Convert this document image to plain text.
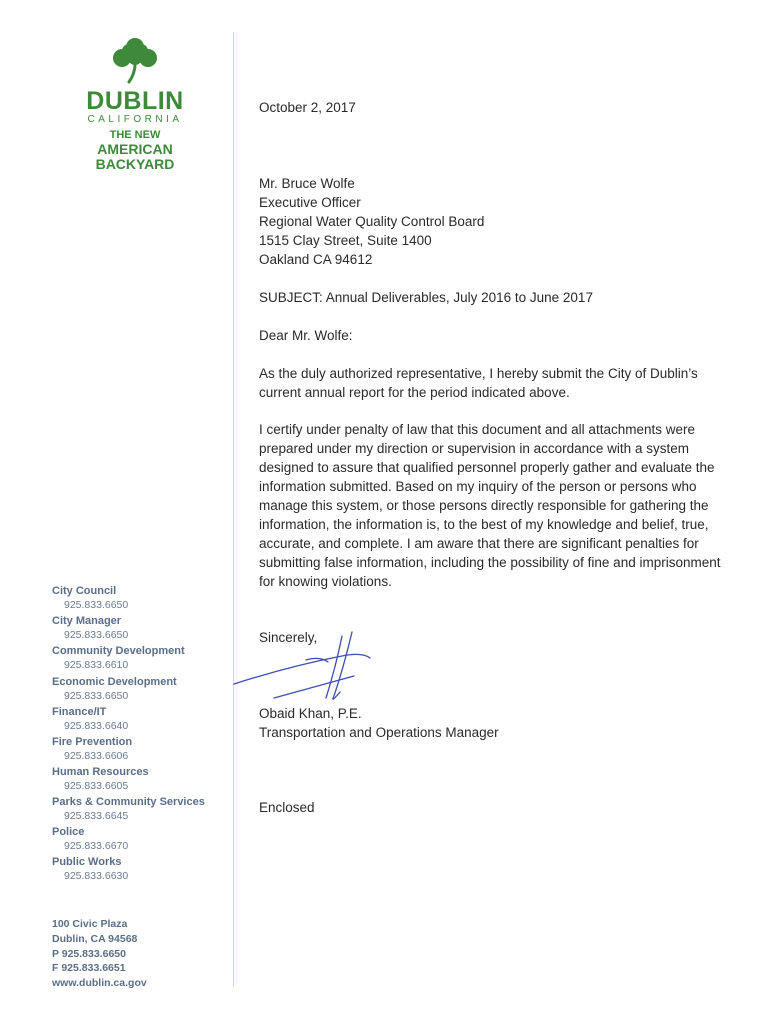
DUBLIN
CALIFORNIA
THE NEW
AMERICAN
BACKYARD
City Council
925.833.6650
City Manager
925.833.6650
Community Development
925.833.6610
Economic Development
925.833.6650
Finance/IT
925.833.6640
Fire Prevention
925.833.6606
Human Resources
925.833.6605
Parks & Community Services
925.833.6645
Police
925.833.6670
Public Works
925.833.6630
100 Civic Plaza
Dublin, CA 94568
P 925.833.6650
F 925.833.6651
www.dublin.ca.gov
October 2, 2017
Mr. Bruce Wolfe
Executive Officer
Regional Water Quality Control Board
1515 Clay Street, Suite 1400
Oakland CA 94612
SUBJECT: Annual Deliverables, July 2016 to June 2017
Dear Mr. Wolfe:
As the duly authorized representative, I hereby submit the City of Dublin’s
current annual report for the period indicated above.
I certify under penalty of law that this document and all attachments were
prepared under my direction or supervision in accordance with a system
designed to assure that qualified personnel properly gather and evaluate the
information submitted. Based on my inquiry of the person or persons who
manage this system, or those persons directly responsible for gathering the
information, the information is, to the best of my knowledge and belief, true,
accurate, and complete. I am aware that there are significant penalties for
submitting false information, including the possibility of fine and imprisonment
for knowing violations.
Sincerely,
Obaid Khan, P.E.
Transportation and Operations Manager
Enclosed
